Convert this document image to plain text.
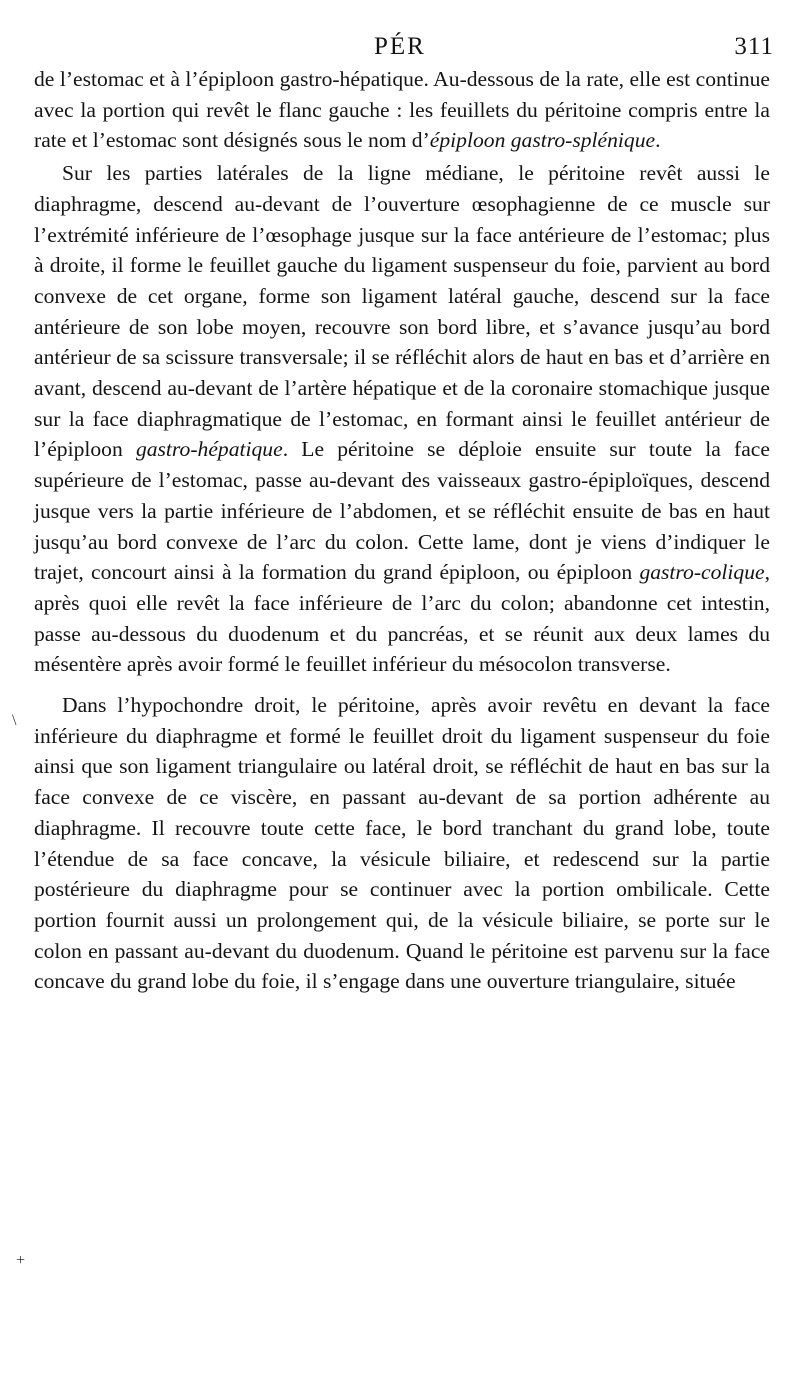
PÉR	311
\
+

de l’estomac et à l’épiploon gastro-hépatique. Au-dessous de la rate, elle est continue avec la portion qui revêt le flanc gauche : les feuillets du péritoine compris entre la rate et l’estomac sont désignés sous le nom d’épiploon gastro-splénique.

Sur les parties latérales de la ligne médiane, le péritoine revêt aussi le diaphragme, descend au-devant de l’ouverture œsophagienne de ce muscle sur l’extrémité inférieure de l’œsophage jusque sur la face antérieure de l’estomac; plus à droite, il forme le feuillet gauche du ligament suspenseur du foie, parvient au bord convexe de cet organe, forme son ligament latéral gauche, descend sur la face antérieure de son lobe moyen, recouvre son bord libre, et s’avance jusqu’au bord antérieur de sa scissure transversale; il se réfléchit alors de haut en bas et d’arrière en avant, descend au-devant de l’artère hépatique et de la coronaire stomachique jusque sur la face diaphragmatique de l’estomac, en formant ainsi le feuillet antérieur de l’épiploon gastro-hépatique. Le péritoine se déploie ensuite sur toute la face supérieure de l’estomac, passe au-devant des vaisseaux gastro-épiploïques, descend jusque vers la partie inférieure de l’abdomen, et se réfléchit ensuite de bas en haut jusqu’au bord convexe de l’arc du colon. Cette lame, dont je viens d’indiquer le trajet, concourt ainsi à la formation du grand épiploon, ou épiploon gastro-colique, après quoi elle revêt la face inférieure de l’arc du colon; abandonne cet intestin, passe au-dessous du duodenum et du pancréas, et se réunit aux deux lames du mésentère après avoir formé le feuillet inférieur du mésocolon transverse.

Dans l’hypochondre droit, le péritoine, après avoir revêtu en devant la face inférieure du diaphragme et formé le feuillet droit du ligament suspenseur du foie ainsi que son ligament triangulaire ou latéral droit, se réfléchit de haut en bas sur la face convexe de ce viscère, en passant au-devant de sa portion adhérente au diaphragme. Il recouvre toute cette face, le bord tranchant du grand lobe, toute l’étendue de sa face concave, la vésicule biliaire, et redescend sur la partie postérieure du diaphragme pour se continuer avec la portion ombilicale. Cette portion fournit aussi un prolongement qui, de la vésicule biliaire, se porte sur le colon en passant au-devant du duodenum. Quand le péritoine est parvenu sur la face concave du grand lobe du foie, il s’engage dans une ouverture triangulaire, située
